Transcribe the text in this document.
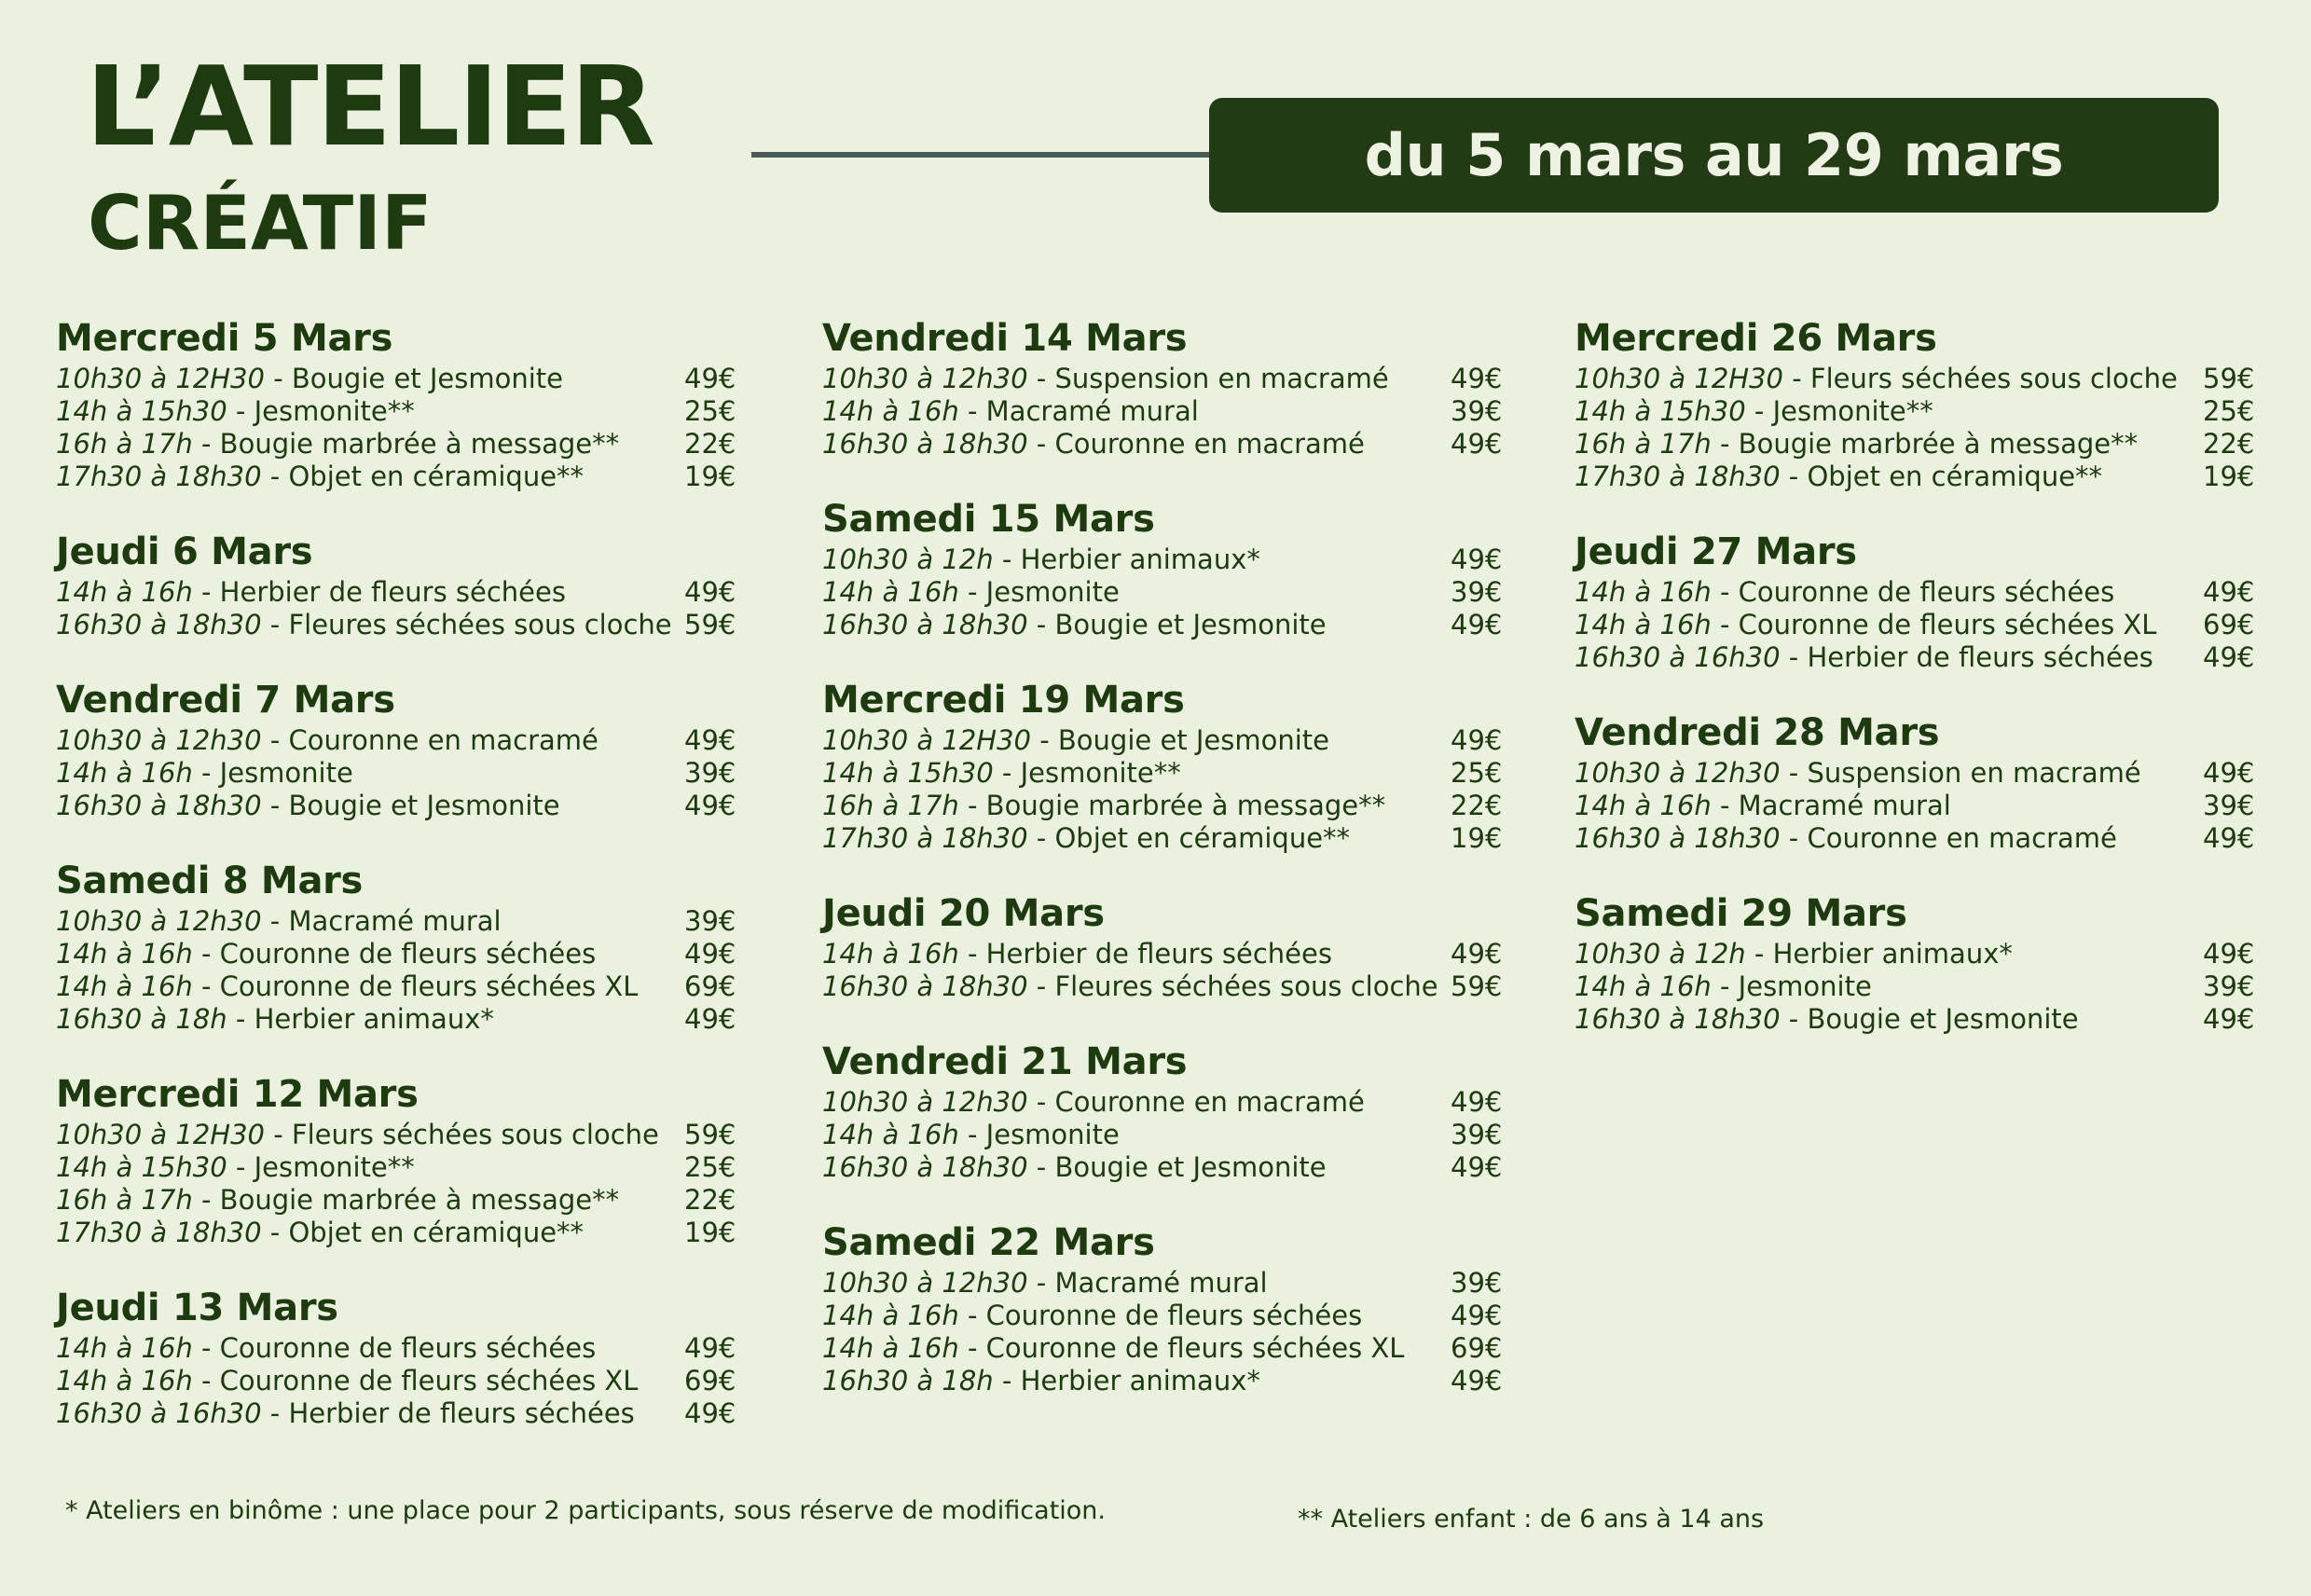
L’ATELIER
CRÉATIF
du 5 mars au 29 mars
Mercredi 5 Mars
10h30 à 12H30 - Bougie et Jesmonite	49€
14h à 15h30 - Jesmonite**	25€
16h à 17h - Bougie marbrée à message** 22€
17h30 à 18h30 - Objet en céramique**	19€
Jeudi 6 Mars
14h à 16h - Herbier de fleurs séchées	49€
16h30 à 18h30 - Fleures séchées sous cloche 59€
Vendredi 7 Mars
10h30 à 12h30 - Couronne en macramé	49€
14h à 16h - Jesmonite	39€
16h30 à 18h30 - Bougie et Jesmonite	49€
Samedi 8 Mars
10h30 à 12h30 - Macramé mural	39€
14h à 16h - Couronne de fleurs séchées	49€
14h à 16h - Couronne de fleurs séchées XL 69€
16h30 à 18h - Herbier animaux*	49€
Mercredi 12 Mars
10h30 à 12H30 - Fleurs séchées sous cloche 59€
14h à 15h30 - Jesmonite**	25€
16h à 17h - Bougie marbrée à message** 22€
17h30 à 18h30 - Objet en céramique**	19€
Jeudi 13 Mars
14h à 16h - Couronne de fleurs séchées	49€
14h à 16h - Couronne de fleurs séchées XL 69€
16h30 à 16h30 - Herbier de fleurs séchées 49€
Vendredi 14 Mars
10h30 à 12h30 - Suspension en macramé 49€
14h à 16h - Macramé mural	39€
16h30 à 18h30 - Couronne en macramé	49€
Samedi 15 Mars
10h30 à 12h - Herbier animaux*	49€
14h à 16h - Jesmonite	39€
16h30 à 18h30 - Bougie et Jesmonite	49€
Mercredi 19 Mars
10h30 à 12H30 - Bougie et Jesmonite	49€
14h à 15h30 - Jesmonite**	25€
16h à 17h - Bougie marbrée à message** 22€
17h30 à 18h30 - Objet en céramique**	19€
Jeudi 20 Mars
14h à 16h - Herbier de fleurs séchées	49€
16h30 à 18h30 - Fleures séchées sous cloche 59€
Vendredi 21 Mars
10h30 à 12h30 - Couronne en macramé	49€
14h à 16h - Jesmonite	39€
16h30 à 18h30 - Bougie et Jesmonite	49€
Samedi 22 Mars
10h30 à 12h30 - Macramé mural	39€
14h à 16h - Couronne de fleurs séchées	49€
14h à 16h - Couronne de fleurs séchées XL 69€
16h30 à 18h - Herbier animaux*	49€
Mercredi 26 Mars
10h30 à 12H30 - Fleurs séchées sous cloche 59€
14h à 15h30 - Jesmonite**	25€
16h à 17h - Bougie marbrée à message** 22€
17h30 à 18h30 - Objet en céramique**	19€
Jeudi 27 Mars
14h à 16h - Couronne de fleurs séchées	49€
14h à 16h - Couronne de fleurs séchées XL 69€
16h30 à 16h30 - Herbier de fleurs séchées 49€
Vendredi 28 Mars
10h30 à 12h30 - Suspension en macramé 49€
14h à 16h - Macramé mural	39€
16h30 à 18h30 - Couronne en macramé	49€
Samedi 29 Mars
10h30 à 12h - Herbier animaux*	49€
14h à 16h - Jesmonite	39€
16h30 à 18h30 - Bougie et Jesmonite	49€
* Ateliers en binôme : une place pour 2 participants, sous réserve de modification.	** Ateliers enfant : de 6 ans à 14 ans
